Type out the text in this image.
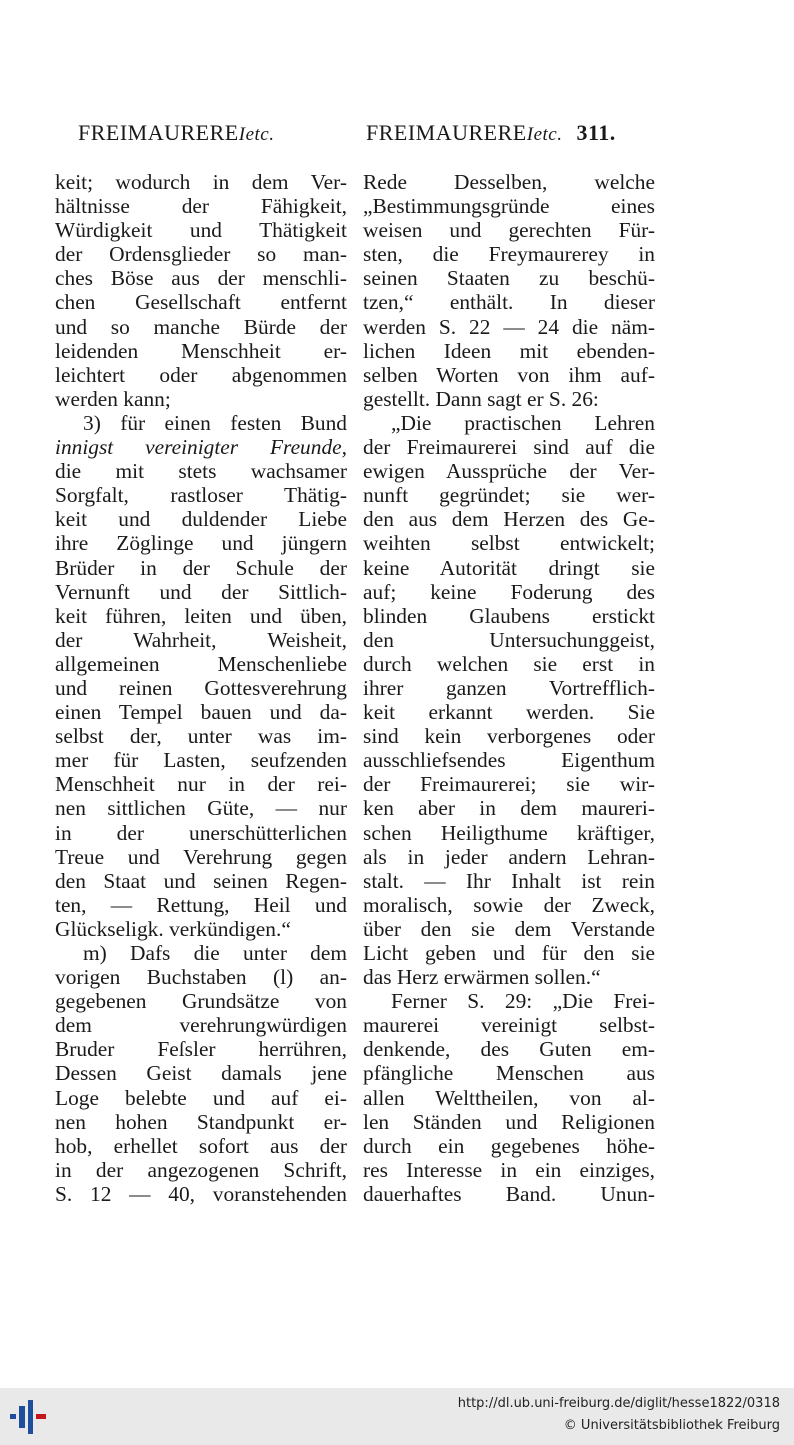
FREIMAUREREIetc.	FREIMAUREREIetc. 311.
keit; wodurch in dem Ver-
hältnisse der Fähigkeit,
Würdigkeit und Thätigkeit
der Ordensglieder so man-
ches Böse aus der menschli-
chen Gesellschaft entfernt
und so manche Bürde der
leidenden Menschheit er-
leichtert oder abgenommen
werden kann;
3) für einen festen Bund
innigst vereinigter Freunde,
die mit stets wachsamer
Sorgfalt, rastloser Thätig-
keit und duldender Liebe
ihre Zöglinge und jüngern
Brüder in der Schule der
Vernunft und der Sittlich-
keit führen, leiten und üben,
der Wahrheit, Weisheit,
allgemeinen Menschenliebe
und reinen Gottesverehrung
einen Tempel bauen und da-
selbst der, unter was im-
mer für Lasten, seufzenden
Menschheit nur in der rei-
nen sittlichen Güte, — nur
in der unerschütterlichen
Treue und Verehrung gegen
den Staat und seinen Regen-
ten, — Rettung, Heil und
Glückseligk. verkündigen.“
m) Dafs die unter dem
vorigen Buchstaben (l) an-
gegebenen Grundsätze von
dem verehrungwürdigen
Bruder Feſsler herrühren,
Dessen Geist damals jene
Loge belebte und auf ei-
nen hohen Standpunkt er-
hob, erhellet sofort aus der
in der angezogenen Schrift,
S. 12 — 40, voranstehenden
Rede Desselben, welche
„Bestimmungsgründe eines
weisen und gerechten Für-
sten, die Freymaurerey in
seinen Staaten zu beschü-
tzen,“ enthält. In dieser
werden S. 22 — 24 die näm-
lichen Ideen mit ebenden-
selben Worten von ihm auf-
gestellt. Dann sagt er S. 26:
„Die practischen Lehren
der Freimaurerei sind auf die
ewigen Aussprüche der Ver-
nunft gegründet; sie wer-
den aus dem Herzen des Ge-
weihten selbst entwickelt;
keine Autorität dringt sie
auf; keine Foderung des
blinden Glaubens erstickt
den Untersuchunggeist,
durch welchen sie erst in
ihrer ganzen Vortrefflich-
keit erkannt werden. Sie
sind kein verborgenes oder
ausschliefsendes Eigenthum
der Freimaurerei; sie wir-
ken aber in dem maureri-
schen Heiligthume kräftiger,
als in jeder andern Lehran-
stalt. — Ihr Inhalt ist rein
moralisch, sowie der Zweck,
über den sie dem Verstande
Licht geben und für den sie
das Herz erwärmen sollen.“
Ferner S. 29: „Die Frei-
maurerei vereinigt selbst-
denkende, des Guten em-
pfängliche Menschen aus
allen Welttheilen, von al-
len Ständen und Religionen
durch ein gegebenes höhe-
res Interesse in ein einziges,
dauerhaftes Band. Unun-
http://dl.ub.uni-freiburg.de/diglit/hesse1822/0318
© Universitätsbibliothek Freiburg
